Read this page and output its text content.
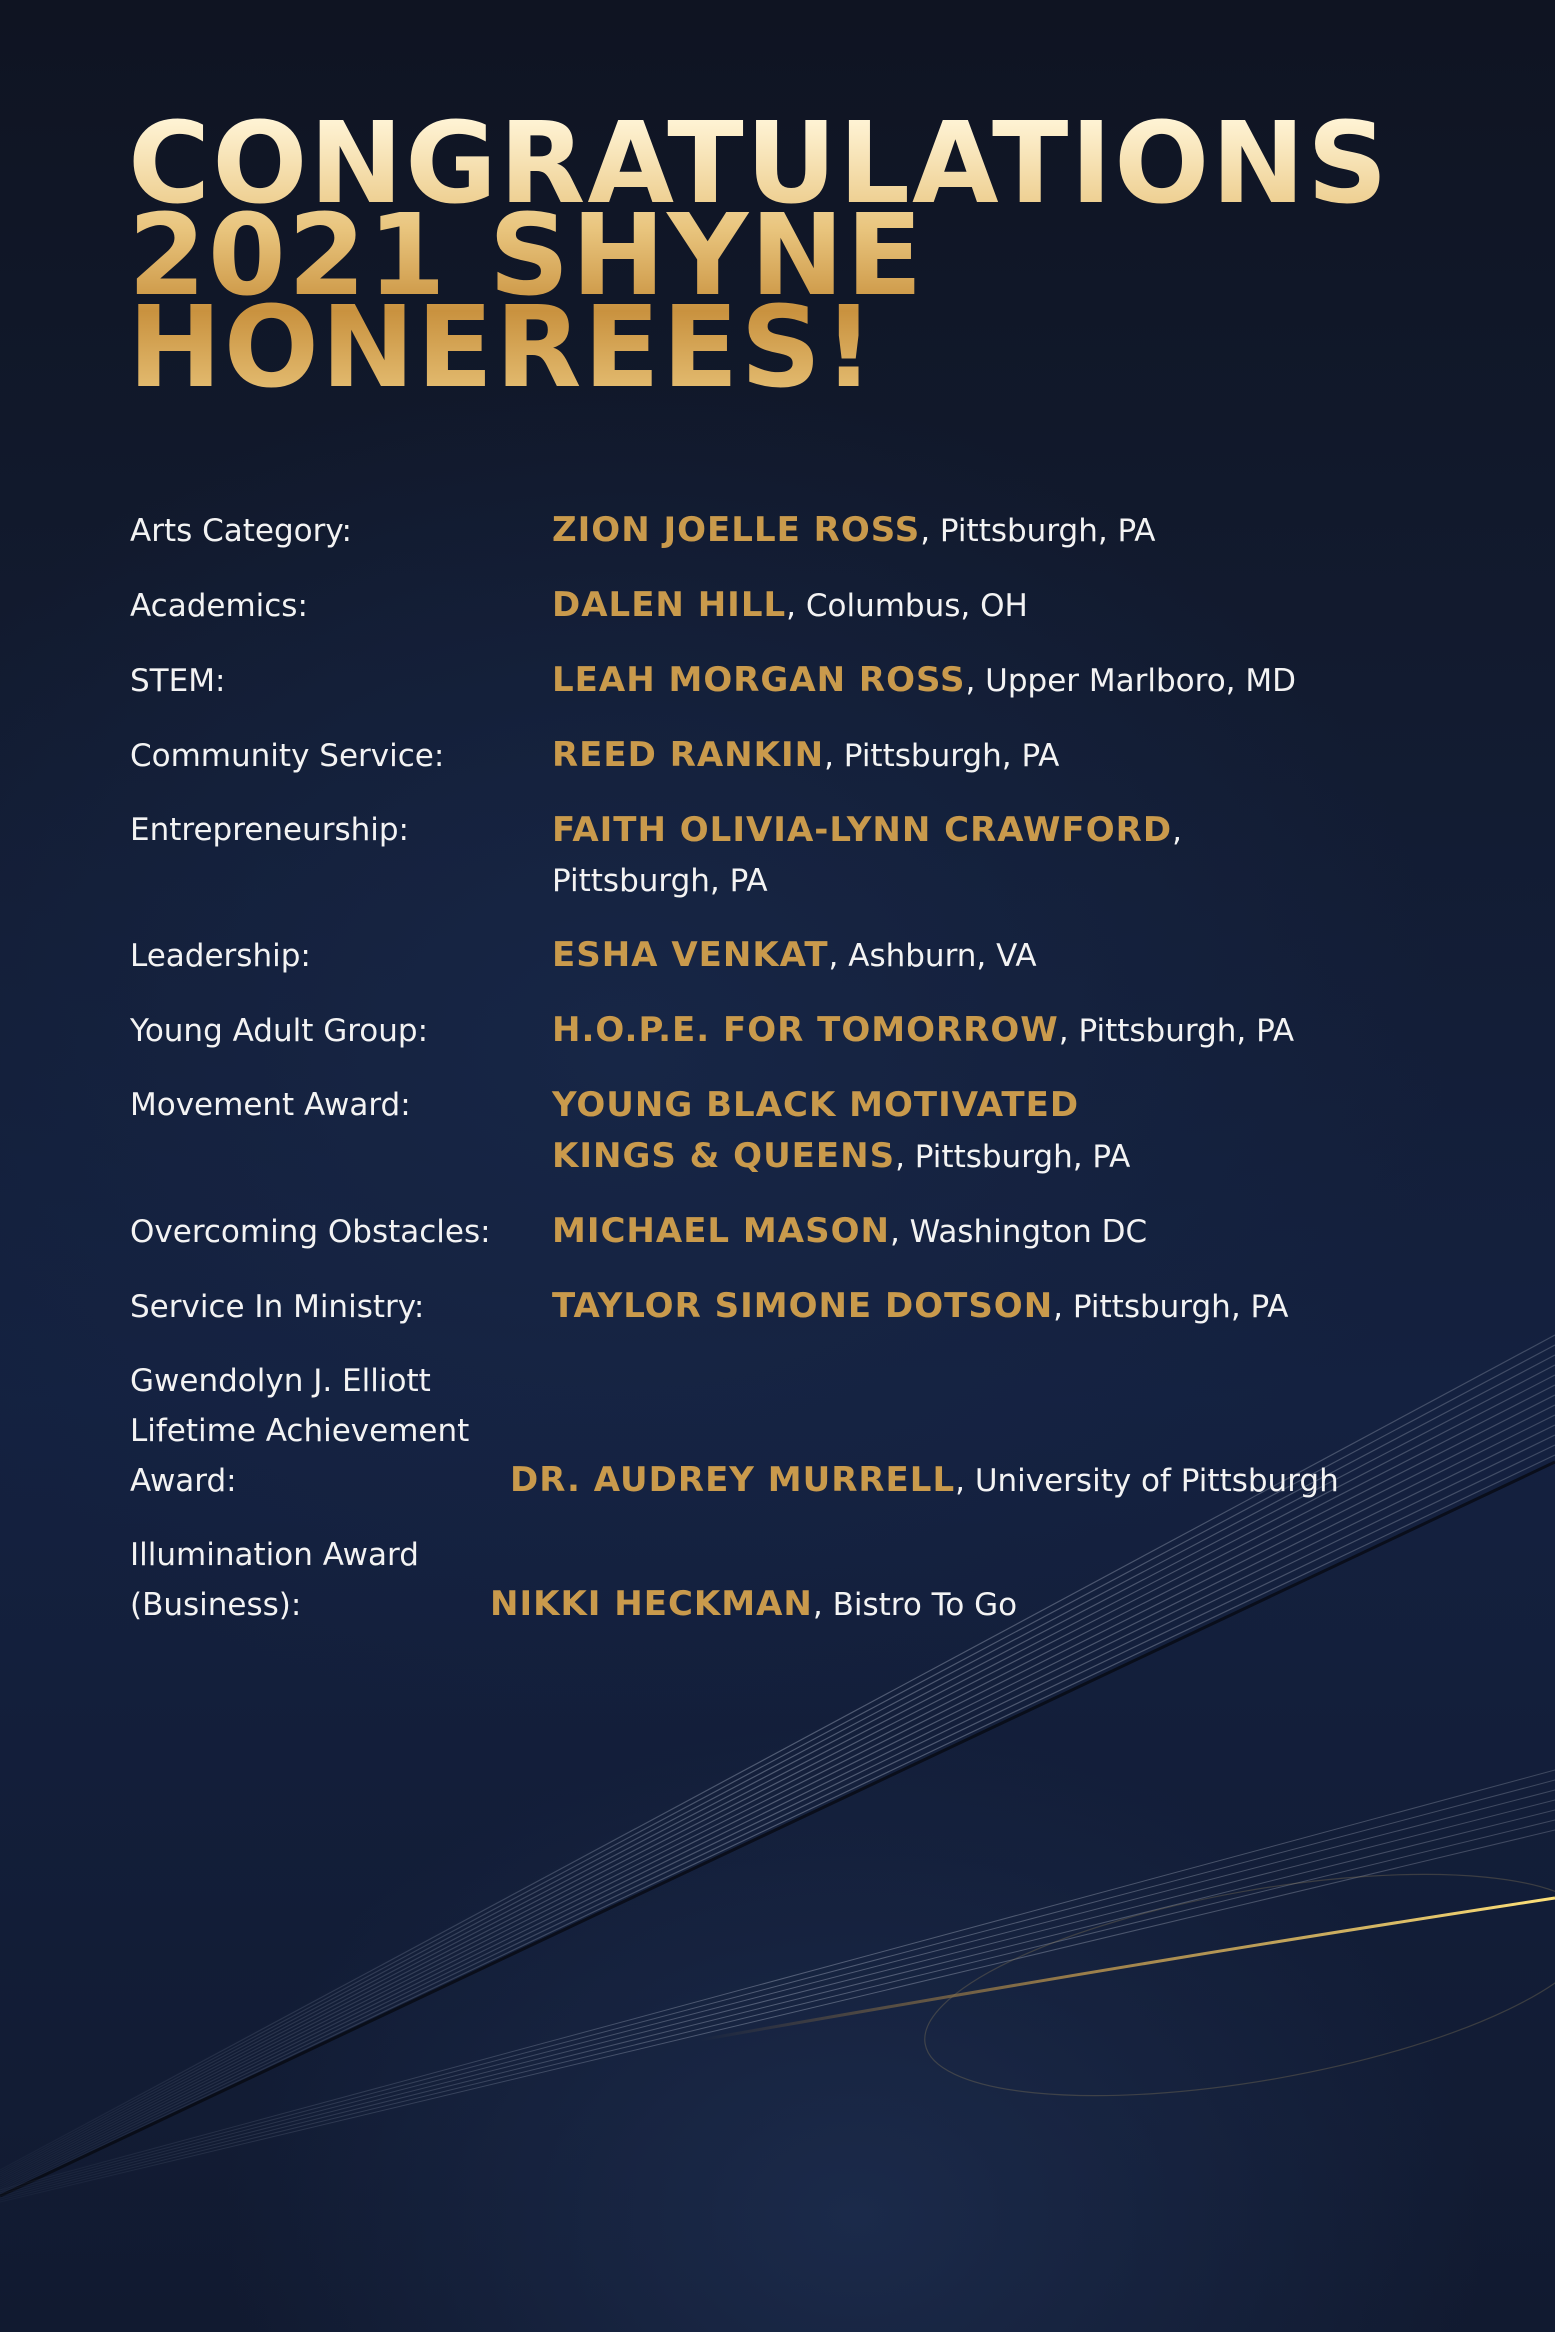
CONGRATULATIONS
2021 SHYNE
HONEREES!
Arts Category:	ZION JOELLE ROSS, Pittsburgh, PA
Academics:	DALEN HILL, Columbus, OH
STEM:	LEAH MORGAN ROSS, Upper Marlboro, MD
Community Service:	REED RANKIN, Pittsburgh, PA
Entrepreneurship:	FAITH OLIVIA-LYNN CRAWFORD, Pittsburgh, PA
Leadership:	ESHA VENKAT, Ashburn, VA
Young Adult Group:	H.O.P.E. FOR TOMORROW, Pittsburgh, PA
Movement Award:	YOUNG BLACK MOTIVATED KINGS & QUEENS, Pittsburgh, PA
Overcoming Obstacles:	MICHAEL MASON, Washington DC
Service In Ministry:	TAYLOR SIMONE DOTSON, Pittsburgh, PA
Gwendolyn J. Elliott Lifetime Achievement Award:	DR. AUDREY MURRELL, University of Pittsburgh
Illumination Award (Business):	NIKKI HECKMAN, Bistro To Go
